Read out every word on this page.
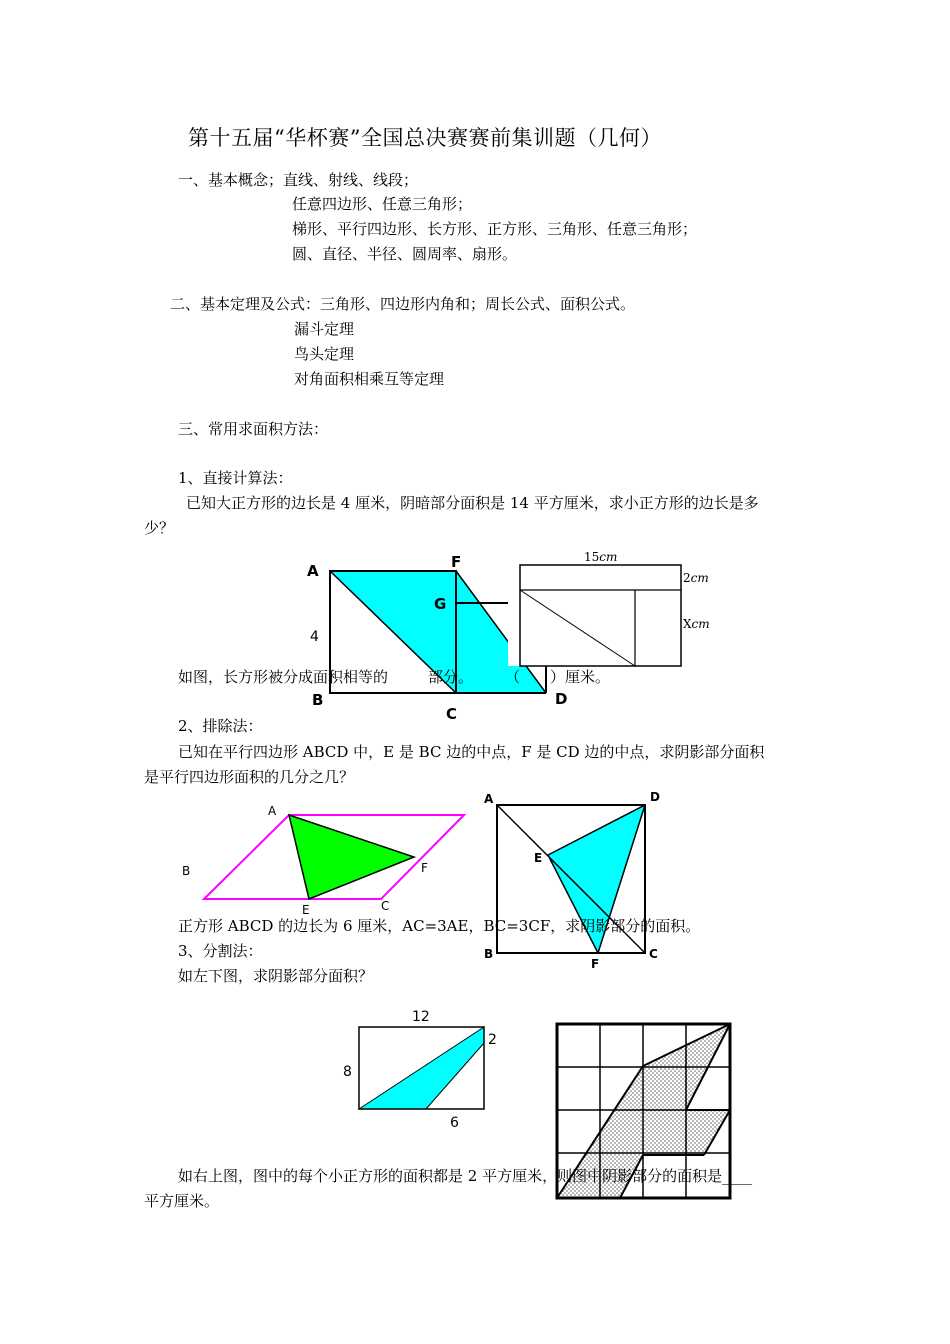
第十五届“华杯赛”全国总决赛赛前集训题（几何）
一、基本概念；直线、射线、线段；
任意四边形、任意三角形；
梯形、平行四边形、长方形、正方形、三角形、任意三角形；
圆、直径、半径、圆周率、扇形。
二、基本定理及公式：三角形、四边形内角和；周长公式、面积公式。
漏斗定理
鸟头定理
对角面积相乘互等定理
三、常用求面积方法：
1、直接计算法：
已知大正方形的边长是 4 厘米，阴暗部分面积是 14 平方厘米，求小正方形的边长是多
少？
A	F
G
4
B
C
D
15cm
2cm
Xcm
如图，长方形被分成面积相等的	部分。 （ ）厘米。
2、排除法：
已知在平行四边形 ABCD 中，E 是 BC 边的中点，F 是 CD 边的中点，求阴影部分面积
是平行四边形面积的几分之几？
A
B
E	C
F
A	D
E
B
F
C
正方形 ABCD 的边长为 6 厘米，AC=3AE，BC=3CF，求阴影部分的面积。
3、分割法：
如左下图，求阴影部分面积？
12
8
2
6
如右上图，图中的每个小正方形的面积都是 2 平方厘米，则图中阴影部分的面积是____
平方厘米。
